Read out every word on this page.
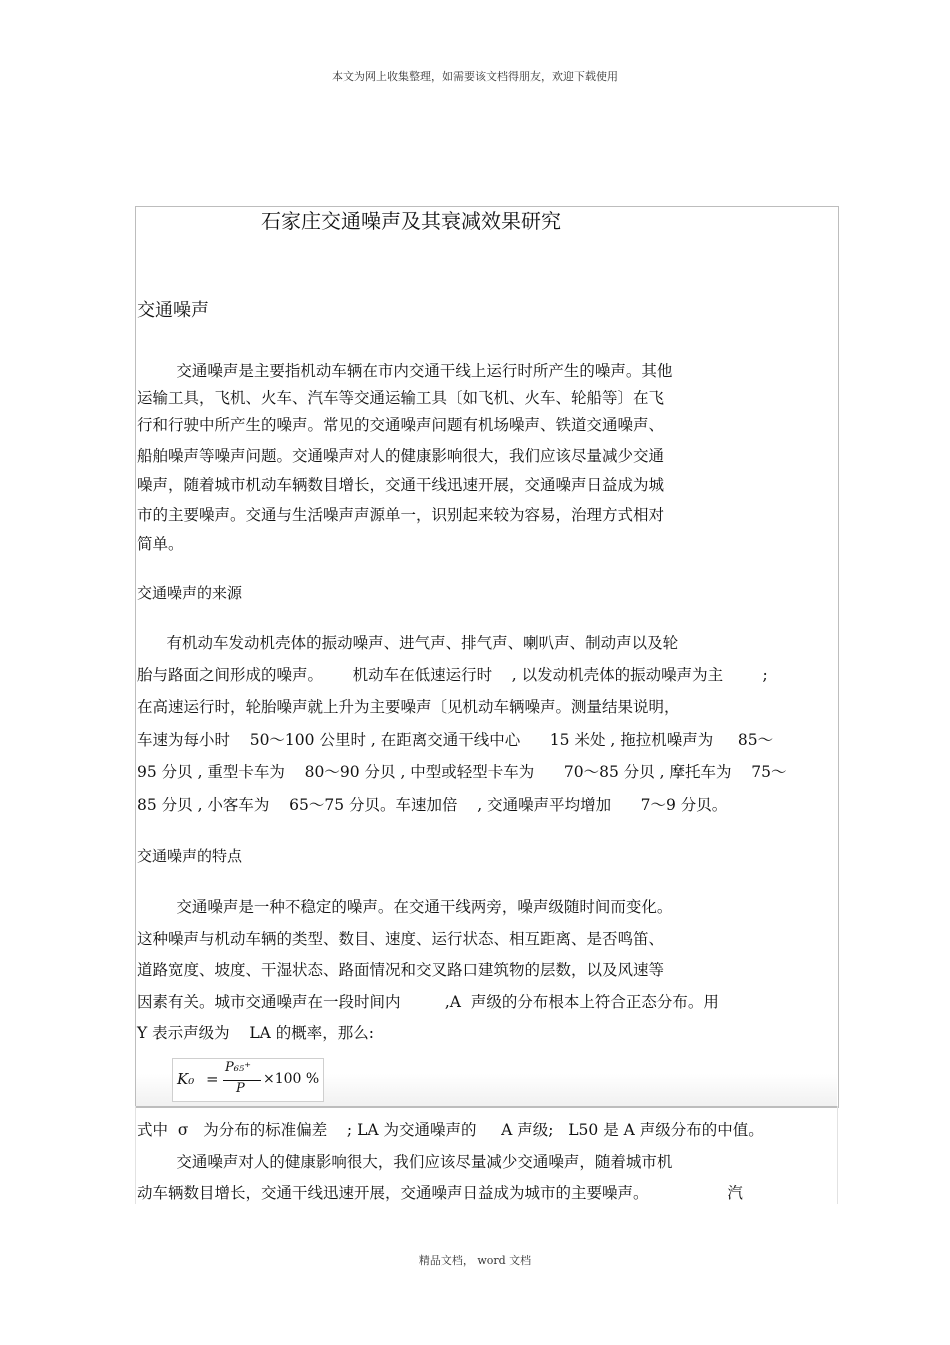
本文为网上收集整理，如需要该文档得朋友，欢迎下载使用
石家庄交通噪声及其衰减效果研究
交通噪声
交通噪声是主要指机动车辆在市内交通干线上运行时所产生的噪声。其他
运输工具，飞机、火车、汽车等交通运输工具〔如飞机、火车、轮船等〕在飞
行和行驶中所产生的噪声。常见的交通噪声问题有机场噪声、铁道交通噪声、
船舶噪声等噪声问题。交通噪声对人的健康影响很大，我们应该尽量减少交通
噪声，随着城市机动车辆数目增长，交通干线迅速开展，交通噪声日益成为城
市的主要噪声。交通与生活噪声声源单一，识别起来较为容易，治理方式相对
简单。
交通噪声的来源
有机动车发动机壳体的振动噪声、进气声、排气声、喇叭声、制动声以及轮
胎与路面之间形成的噪声。      机动车在低速运行时    , 以发动机壳体的振动噪声为主        ;
在高速运行时，轮胎噪声就上升为主要噪声〔见机动车辆噪声。测量结果说明，
车速为每小时    50～100 公里时 , 在距离交通干线中心      15 米处 , 拖拉机噪声为     85～
95 分贝 , 重型卡车为    80～90 分贝 , 中型或轻型卡车为      70～85 分贝 , 摩托车为    75～
85 分贝 , 小客车为    65～75 分贝。车速加倍    , 交通噪声平均增加      7～9 分贝。
交通噪声的特点
交通噪声是一种不稳定的噪声。在交通干线两旁，噪声级随时间而变化。
这种噪声与机动车辆的类型、数目、速度、运行状态、相互距离、是否鸣笛、
道路宽度、坡度、干湿状态、路面情况和交叉路口建筑物的层数，以及风速等
因素有关。城市交通噪声在一段时间内         ,A  声级的分布根本上符合正态分布。用
Y 表示声级为    LA 的概率，那么:
K₀ =
P₆₅⁺
P
×100 %
式中  σ   为分布的标准偏差    ; LA 为交通噪声的     A 声级;   L50 是 A 声级分布的中值。
交通噪声对人的健康影响很大，我们应该尽量减少交通噪声，随着城市机
动车辆数目增长，交通干线迅速开展，交通噪声日益成为城市的主要噪声。                汽
精品文档， word 文档
